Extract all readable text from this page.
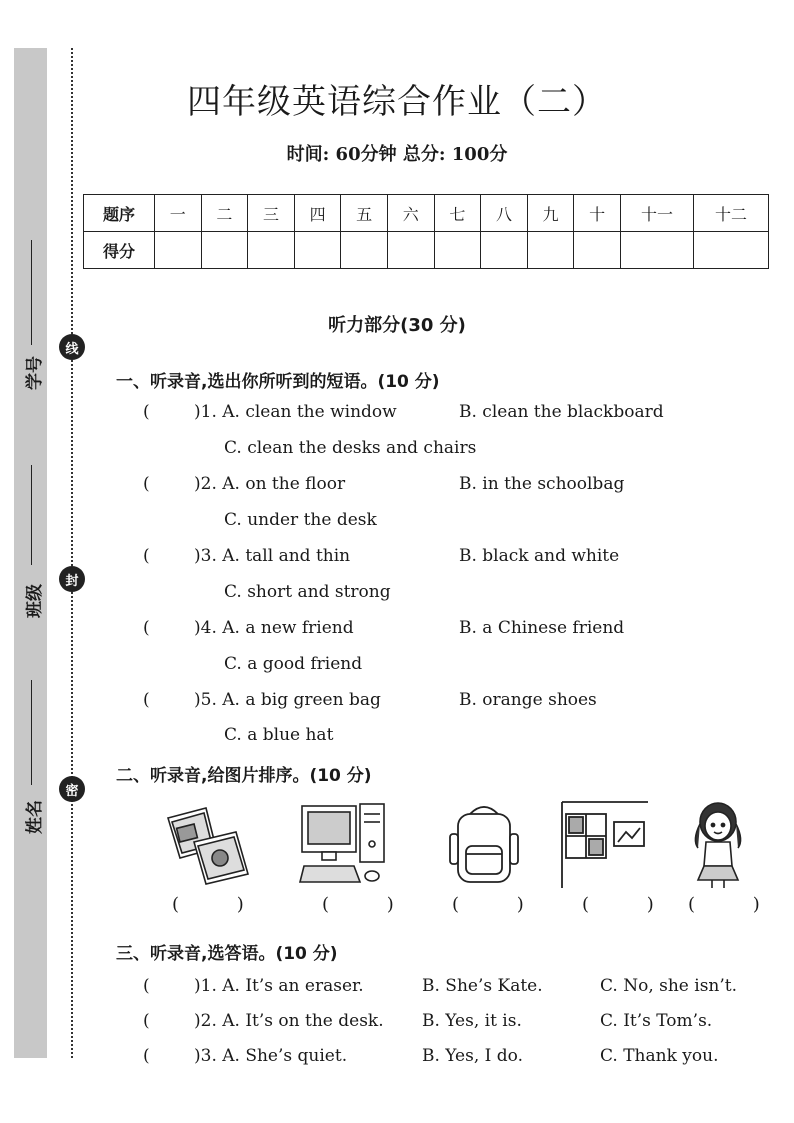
线
封
密
学号
班级
姓名
四年级英语综合作业（二）
时间: 60分钟 总分: 100分
题序	一	二	三	四	五	六	七	八	九	十	十一	十二
得分												
听力部分(30 分)
一、听录音,选出你所听到的短语。(10 分)
(	)1. A. clean the window	B. clean the blackboard
C. clean the desks and chairs
(	)2. A. on the floor	B. in the schoolbag
C. under the desk
(	)3. A. tall and thin	B. black and white
C. short and strong
(	)4. A. a new friend	B. a Chinese friend
C. a good friend
(	)5. A. a big green bag	B. orange shoes
C. a blue hat
二、听录音,给图片排序。(10 分)
( )	( ) ( ) ( ) ( )
三、听录音,选答语。(10 分)
(	)1. A. It’s an eraser.	B. She’s Kate.	C. No, she isn’t.
(	)2. A. It’s on the desk. B. Yes, it is.	C. It’s Tom’s.
(	)3. A. She’s quiet.	B. Yes, I do.	C. Thank you.
